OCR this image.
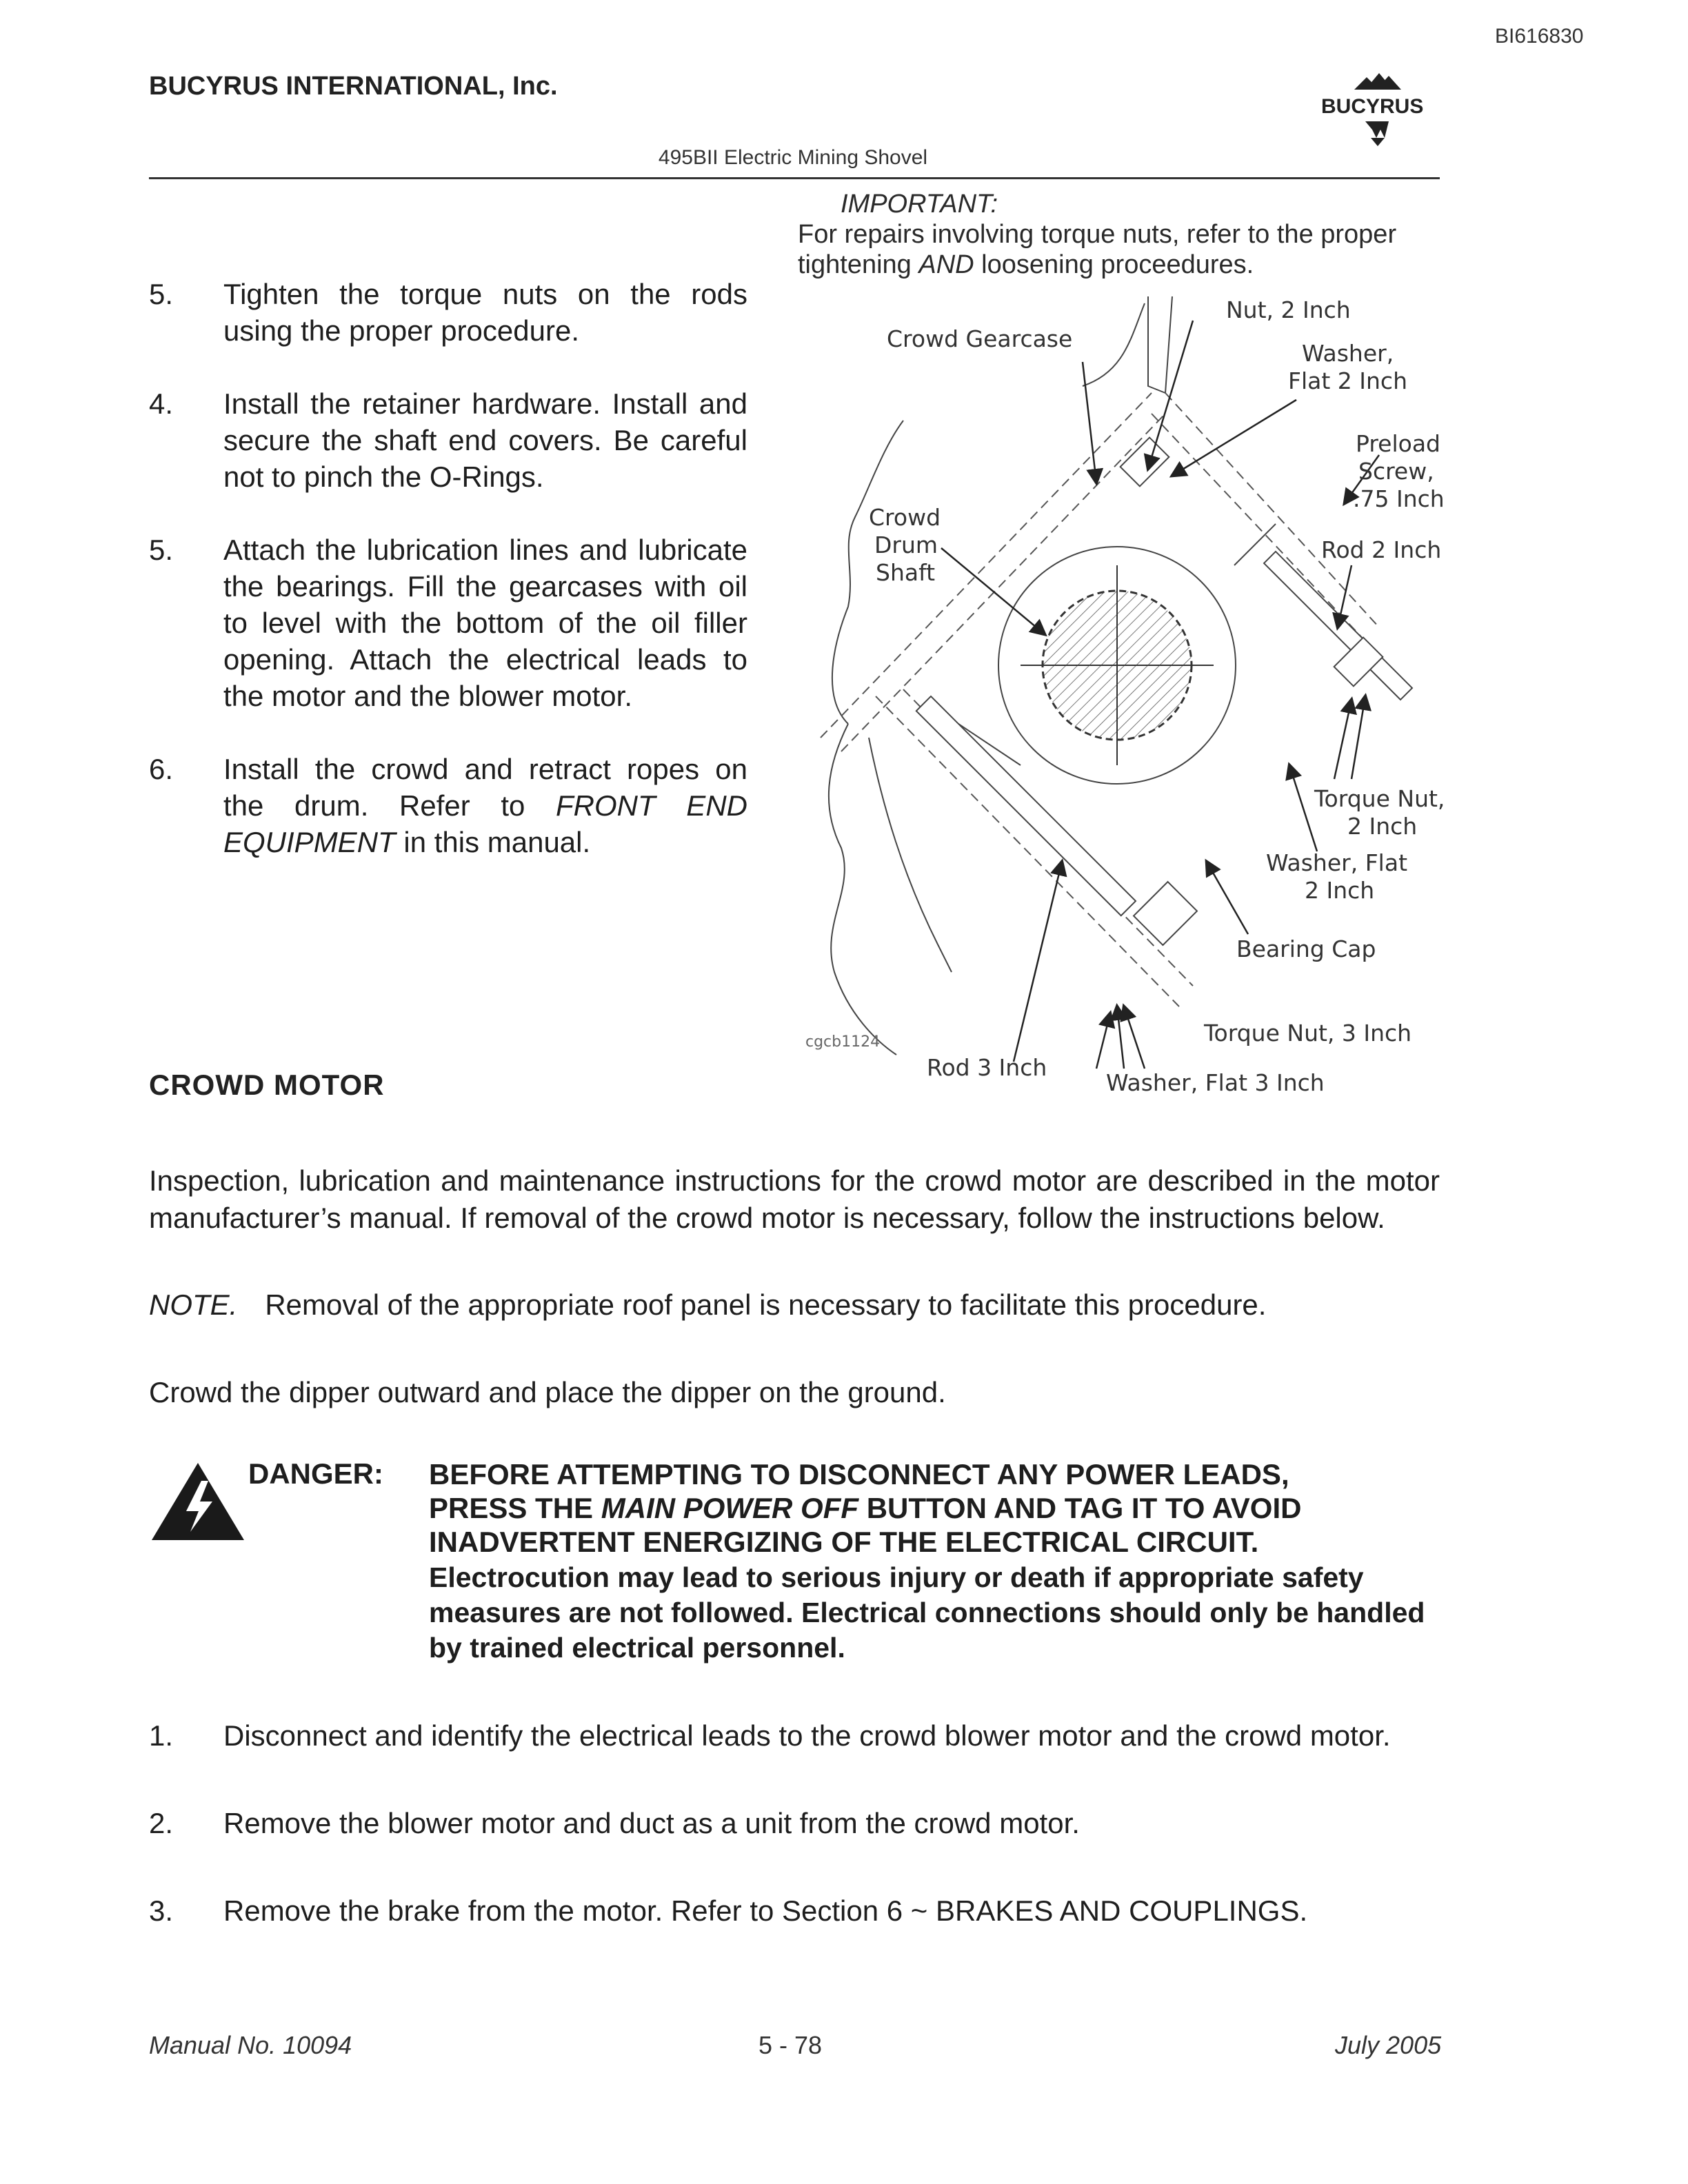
BI616830
BUCYRUS INTERNATIONAL, Inc.
BUCYRUS
495BII Electric Mining Shovel
IMPORTANT:
For repairs involving torque nuts, refer to the proper
tightening AND loosening proceedures.
5.	Tighten the torque nuts on the rods using the proper procedure.
4.	Install the retainer hardware. Install and secure the shaft end covers. Be careful not to pinch the O-Rings.
5.	Attach the lubrication lines and lubricate the bearings. Fill the gearcases with oil to level with the bottom of the oil filler opening. Attach the electrical leads to the motor and the blower motor.
6.	Install the crowd and retract ropes on the drum. Refer to FRONT END EQUIPMENT in this manual.
Nut, 2 Inch
Crowd Gearcase
Washer,
Flat 2 Inch
Preload
Screw,
.75 Inch
Crowd
Drum
Shaft
Rod 2 Inch
Torque Nut,
2 Inch
Washer, Flat
2 Inch
Bearing Cap
Torque Nut, 3 Inch
cgcb1124
Rod 3 Inch
Washer, Flat 3 Inch
CROWD MOTOR
Inspection, lubrication and maintenance instructions for the crowd motor are described in the motor manufacturer’s manual. If removal of the crowd motor is necessary, follow the instructions below.
NOTE. Removal of the appropriate roof panel is necessary to facilitate this procedure.
Crowd the dipper outward and place the dipper on the ground.
DANGER: BEFORE ATTEMPTING TO DISCONNECT ANY POWER LEADS,
PRESS THE MAIN POWER OFF BUTTON AND TAG IT TO AVOID
INADVERTENT ENERGIZING OF THE ELECTRICAL CIRCUIT.
Electrocution may lead to serious injury or death if appropriate safety measures are not followed. Electrical connections should only be handled by trained electrical personnel.
1.	Disconnect and identify the electrical leads to the crowd blower motor and the crowd motor.
2.	Remove the blower motor and duct as a unit from the crowd motor.
3.	Remove the brake from the motor. Refer to Section 6 ~ BRAKES AND COUPLINGS.
Manual No. 10094	5 - 78	July 2005
